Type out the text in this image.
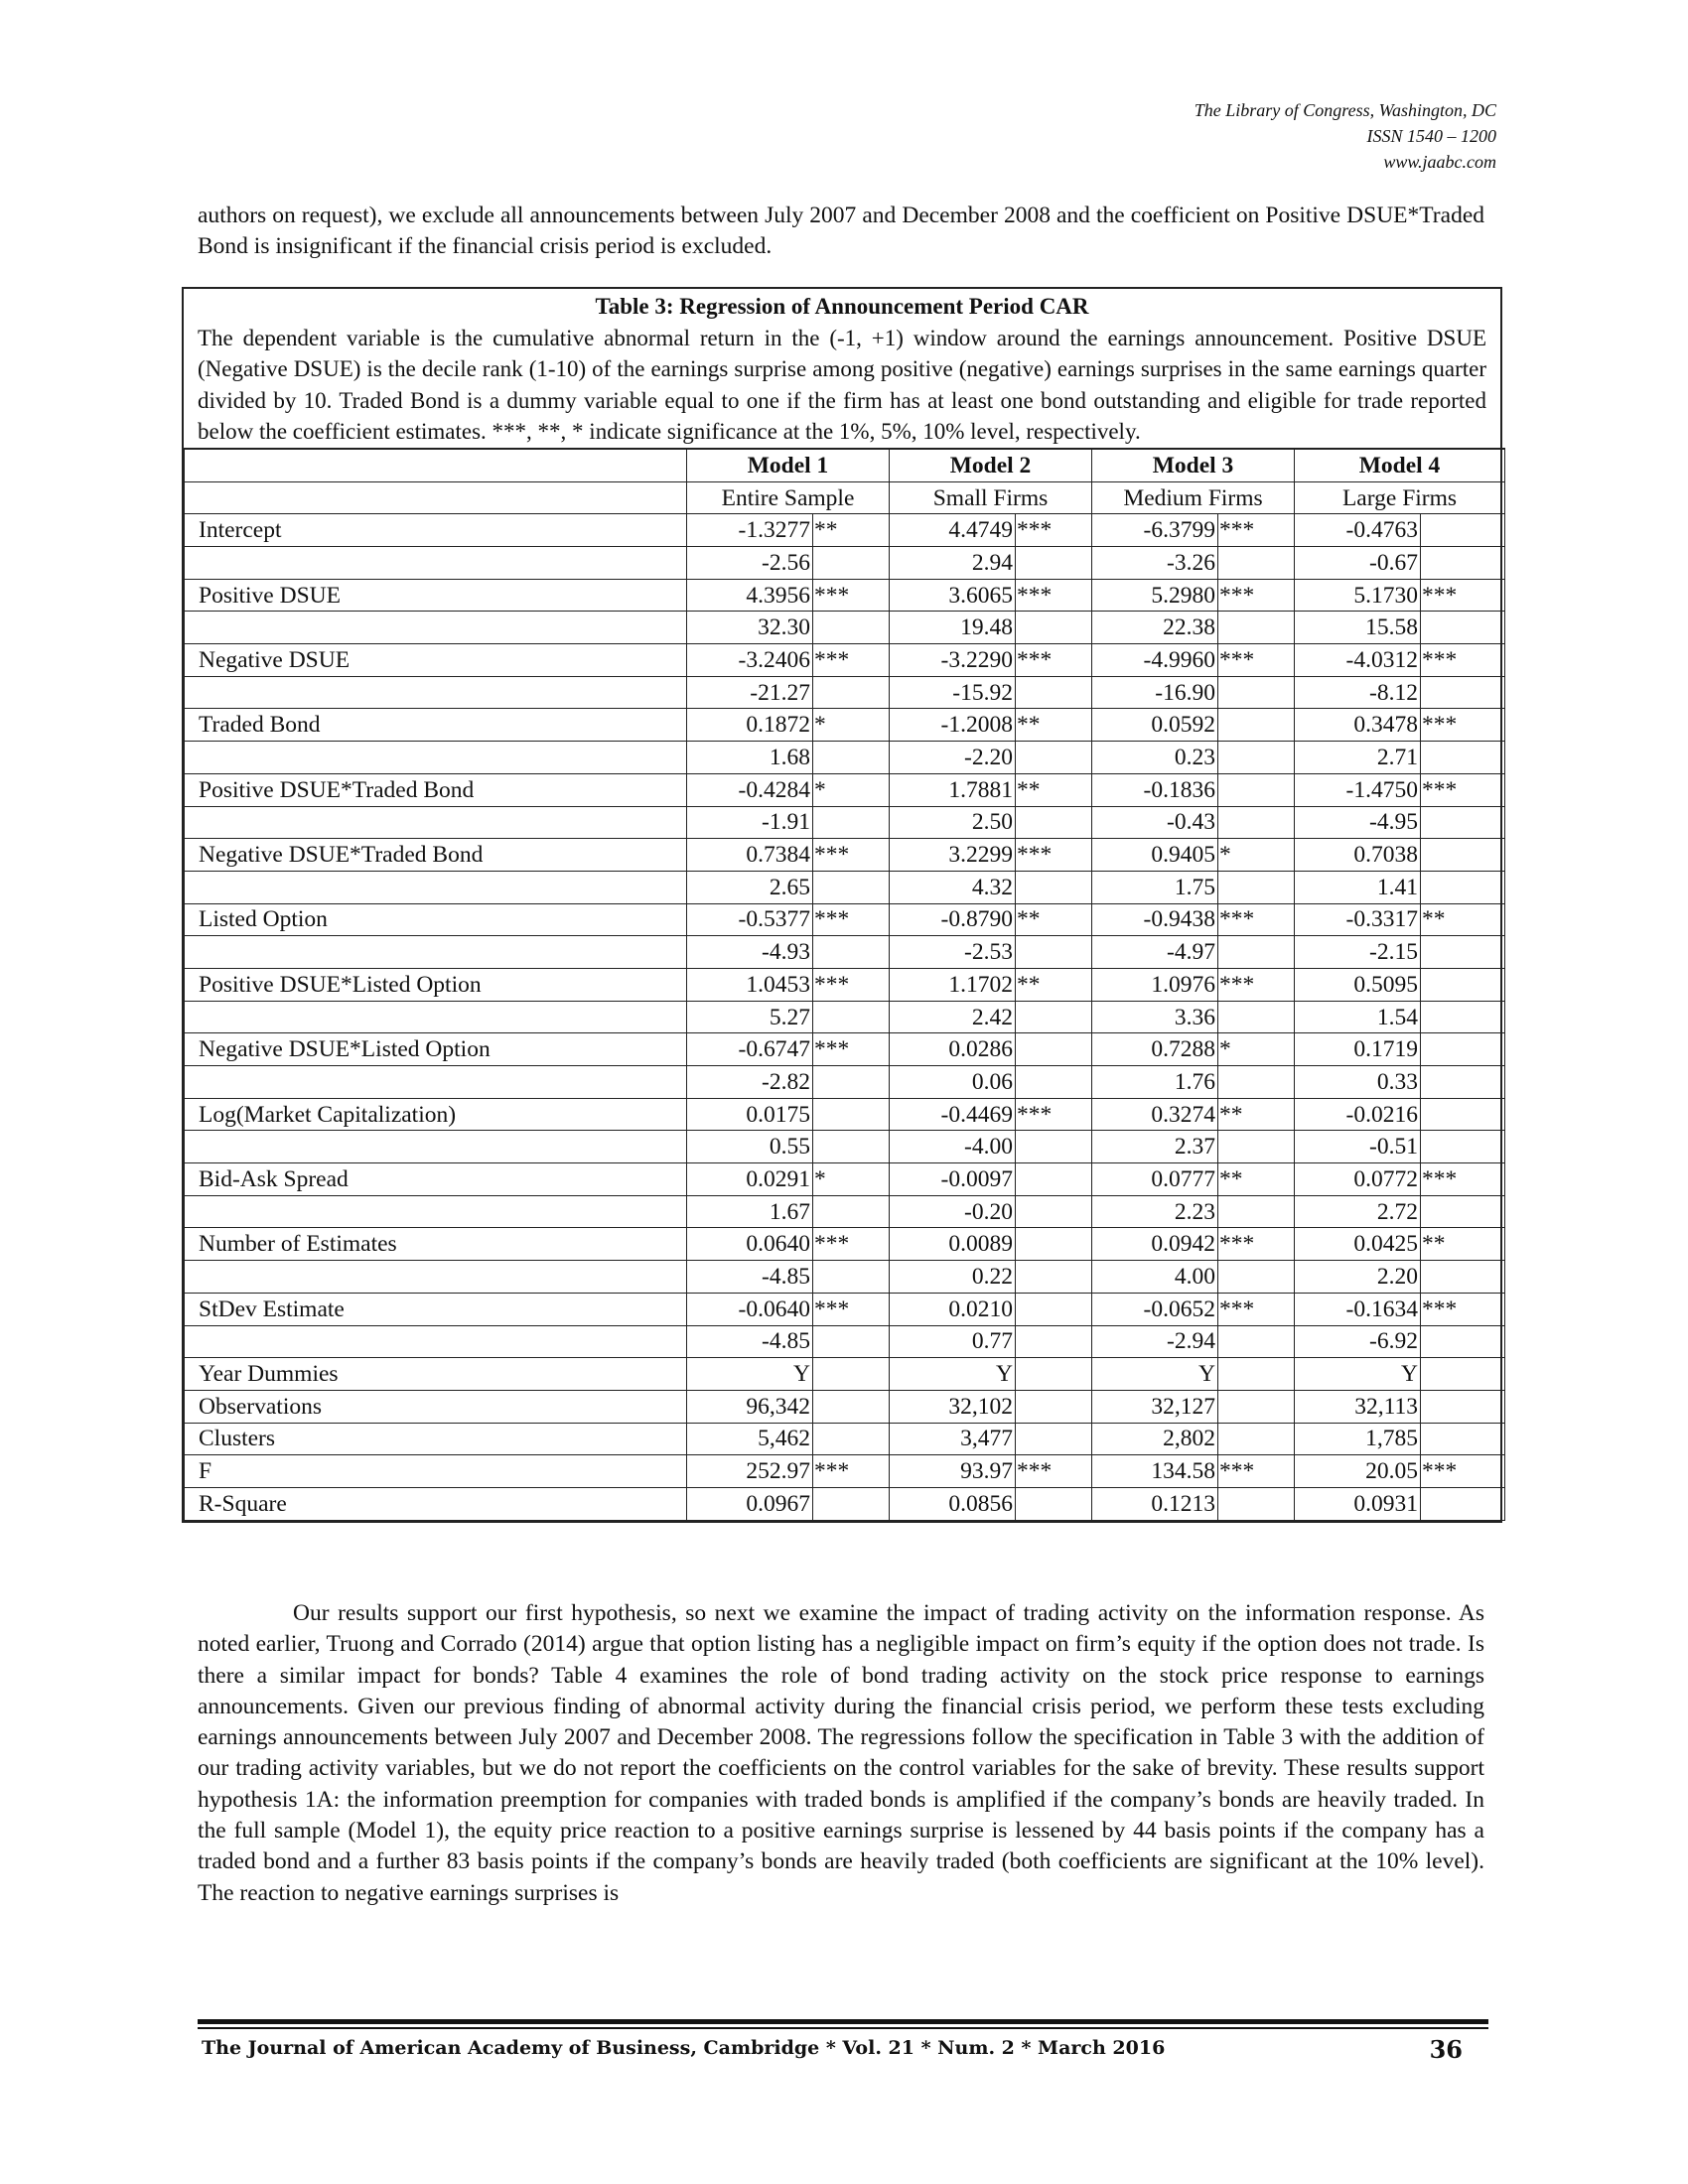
The Library of Congress, Washington, DC
ISSN 1540 – 1200
www.jaabc.com
authors on request), we exclude all announcements between July 2007 and December 2008 and the coefficient on Positive DSUE*Traded Bond is insignificant if the financial crisis period is excluded.
Table 3: Regression of Announcement Period CAR
The dependent variable is the cumulative abnormal return in the (-1, +1) window around the earnings announcement. Positive DSUE (Negative DSUE) is the decile rank (1-10) of the earnings surprise among positive (negative) earnings surprises in the same earnings quarter divided by 10. Traded Bond is a dummy variable equal to one if the firm has at least one bond outstanding and eligible for trade reported below the coefficient estimates. ***, **, * indicate significance at the 1%, 5%, 10% level, respectively.
	Model 1		Model 2		Model 3		Model 4	
	Entire Sample		Small Firms		Medium Firms		Large Firms	
Intercept	-1.3277	**	4.4749	***	-6.3799	***	-0.4763	
	-2.56		2.94		-3.26		-0.67	
Positive DSUE	4.3956	***	3.6065	***	5.2980	***	5.1730	***
	32.30		19.48		22.38		15.58	
Negative DSUE	-3.2406	***	-3.2290	***	-4.9960	***	-4.0312	***
	-21.27		-15.92		-16.90		-8.12	
Traded Bond	0.1872	*	-1.2008	**	0.0592		0.3478	***
	1.68		-2.20		0.23		2.71	
Positive DSUE*Traded Bond	-0.4284	*	1.7881	**	-0.1836		-1.4750	***
	-1.91		2.50		-0.43		-4.95	
Negative DSUE*Traded Bond	0.7384	***	3.2299	***	0.9405	*	0.7038	
	2.65		4.32		1.75		1.41	
Listed Option	-0.5377	***	-0.8790	**	-0.9438	***	-0.3317	**
	-4.93		-2.53		-4.97		-2.15	
Positive DSUE*Listed Option	1.0453	***	1.1702	**	1.0976	***	0.5095	
	5.27		2.42		3.36		1.54	
Negative DSUE*Listed Option	-0.6747	***	0.0286		0.7288	*	0.1719	
	-2.82		0.06		1.76		0.33	
Log(Market Capitalization)	0.0175		-0.4469	***	0.3274	**	-0.0216	
	0.55		-4.00		2.37		-0.51	
Bid-Ask Spread	0.0291	*	-0.0097		0.0777	**	0.0772	***
	1.67		-0.20		2.23		2.72	
Number of Estimates	0.0640	***	0.0089		0.0942	***	0.0425	**
	-4.85		0.22		4.00		2.20	
StDev Estimate	-0.0640	***	0.0210		-0.0652	***	-0.1634	***
	-4.85		0.77		-2.94		-6.92	
Year Dummies	Y		Y		Y		Y	
Observations	96,342		32,102		32,127		32,113	
Clusters	5,462		3,477		2,802		1,785	
F	252.97	***	93.97	***	134.58	***	20.05	***
R-Square	0.0967		0.0856		0.1213		0.0931	

Our results support our first hypothesis, so next we examine the impact of trading activity on the information response. As noted earlier, Truong and Corrado (2014) argue that option listing has a negligible impact on firm’s equity if the option does not trade. Is there a similar impact for bonds? Table 4 examines the role of bond trading activity on the stock price response to earnings announcements. Given our previous finding of abnormal activity during the financial crisis period, we perform these tests excluding earnings announcements between July 2007 and December 2008. The regressions follow the specification in Table 3 with the addition of our trading activity variables, but we do not report the coefficients on the control variables for the sake of brevity. These results support hypothesis 1A: the information preemption for companies with traded bonds is amplified if the company’s bonds are heavily traded. In the full sample (Model 1), the equity price reaction to a positive earnings surprise is lessened by 44 basis points if the company has a traded bond and a further 83 basis points if the company’s bonds are heavily traded (both coefficients are significant at the 10% level). The reaction to negative earnings surprises is

The Journal of American Academy of Business, Cambridge * Vol. 21 * Num. 2 * March 2016	36
